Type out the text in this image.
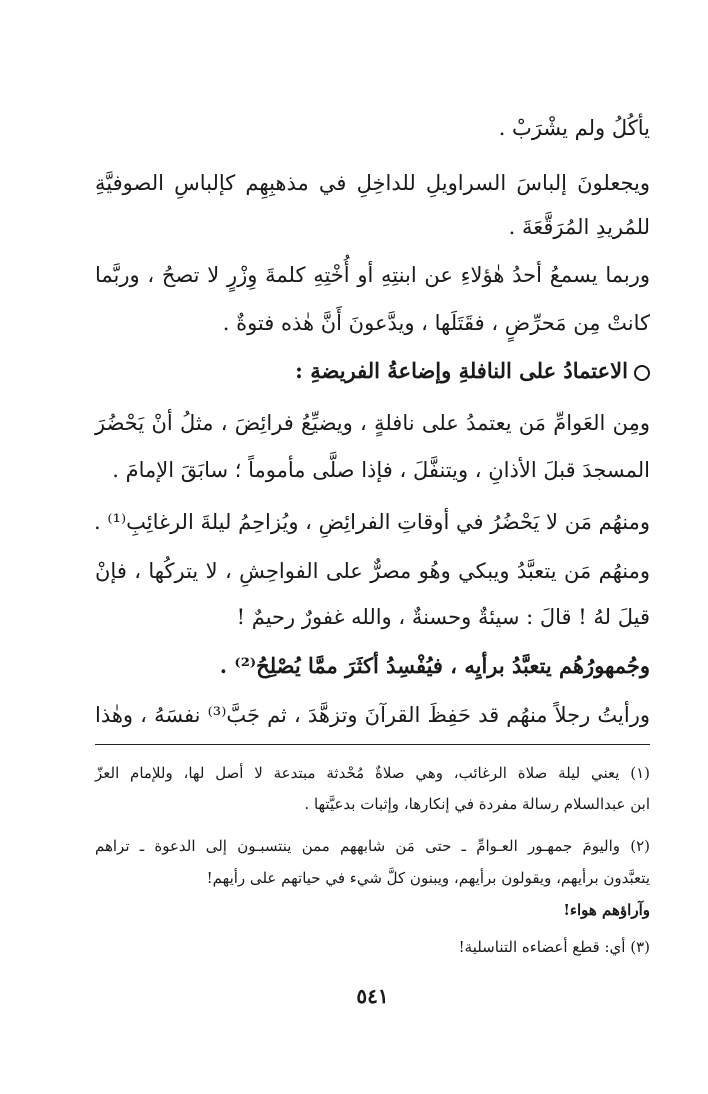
يأكُلُ ولم يشْرَبْ .
ويجعلونَ إلباسَ السراويلِ للداخِلِ في مذهبِهِم كإلباسِ الصوفيَّةِ
للمُريدِ المُرَقَّعَةَ .
وربما يسمعُ أحدُ هٰؤلاءِ عن ابنتِهِ أو أُخْتِهِ كلمةَ وِزْرٍ لا تصحُ ، وربَّما
كانتْ مِن مَحرِّضٍ ، فقَتَلَها ، ويدَّعونَ أَنَّ هٰذه فتوةٌ .
الاعتمادُ على النافلةِ وإضاعةُ الفريضةِ :
ومِن العَوامِّ مَن يعتمدُ على نافلةٍ ، ويضيِّعُ فرائِضَ ، مثلُ أنْ يَحْضُرَ
المسجدَ قبلَ الأذانِ ، ويتنفَّلَ ، فإذا صلَّى مأموماً ؛ سابَقَ الإمامَ .
ومنهُم مَن لا يَحْضُرُ في أوقاتِ الفرائِضِ ، ويُزاحِمُ ليلةَ الرغائِبِ⁽¹⁾ .
ومنهُم مَن يتعبَّدُ ويبكي وهُو مصرٌّ على الفواحِشِ ، لا يتركُها ، فإنْ
قيلَ لهُ ! قالَ : سيئةٌ وحسنةٌ ، والله غفورٌ رحيمٌ !
وجُمهورُهُم يتعبَّدُ برأيِه ، فيُفْسِدُ أكثَرَ ممَّا يُصْلِحُ⁽²⁾ .
ورأيتُ رجلاً منهُم قد حَفِظَ القرآنَ وتزهَّدَ ، ثم جَبَّ⁽³⁾ نفسَهُ ، وهٰذا
(١) يعني ليلة صلاة الرغائب، وهي صلاةٌ مُحْدثة مبتدعة لا أصل لها، وللإمام العزّ
ابن عبدالسلام رسالة مفردة في إنكارها، وإثبات بدعيَّتها .
(٢) واليومَ جمهـور العـوامِّ ـ حتى مَن شابههم ممن ينتسبـون إلى الدعوة ـ تراهم
يتعبَّدون برأيهم، ويقولون برأيهم، ويبنون كلَّ شيء في حياتهم على رأيهم!
وآراؤهم هواء!
(٣) أي: قطع أعضاءه التناسلية!
٥٤١
